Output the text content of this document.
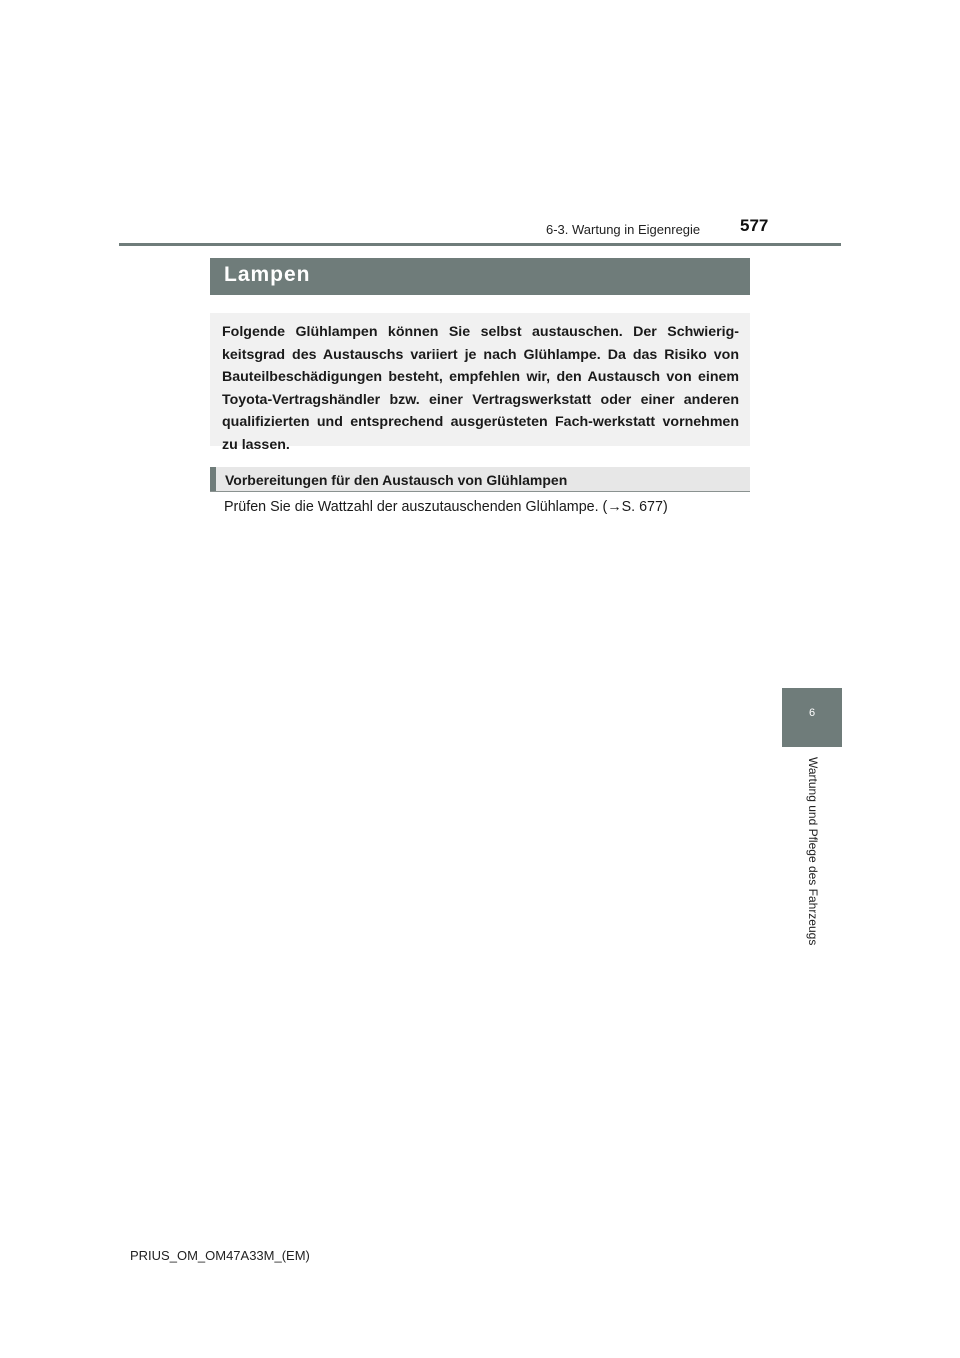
6-3. Wartung in Eigenregie 577
6
Wartung und Pflege des Fahrzeugs
Lampen

Folgende Glühlampen können Sie selbst austauschen. Der Schwierig-keitsgrad des Austauschs variiert je nach Glühlampe. Da das Risiko von Bauteilbeschädigungen besteht, empfehlen wir, den Austausch von einem Toyota-Vertragshändler bzw. einer Vertragswerkstatt oder einer anderen qualifizierten und entsprechend ausgerüsteten Fach-werkstatt vornehmen zu lassen.

Vorbereitungen für den Austausch von Glühlampen
Prüfen Sie die Wattzahl der auszutauschenden Glühlampe. (→S. 677)
PRIUS_OM_OM47A33M_(EM)
